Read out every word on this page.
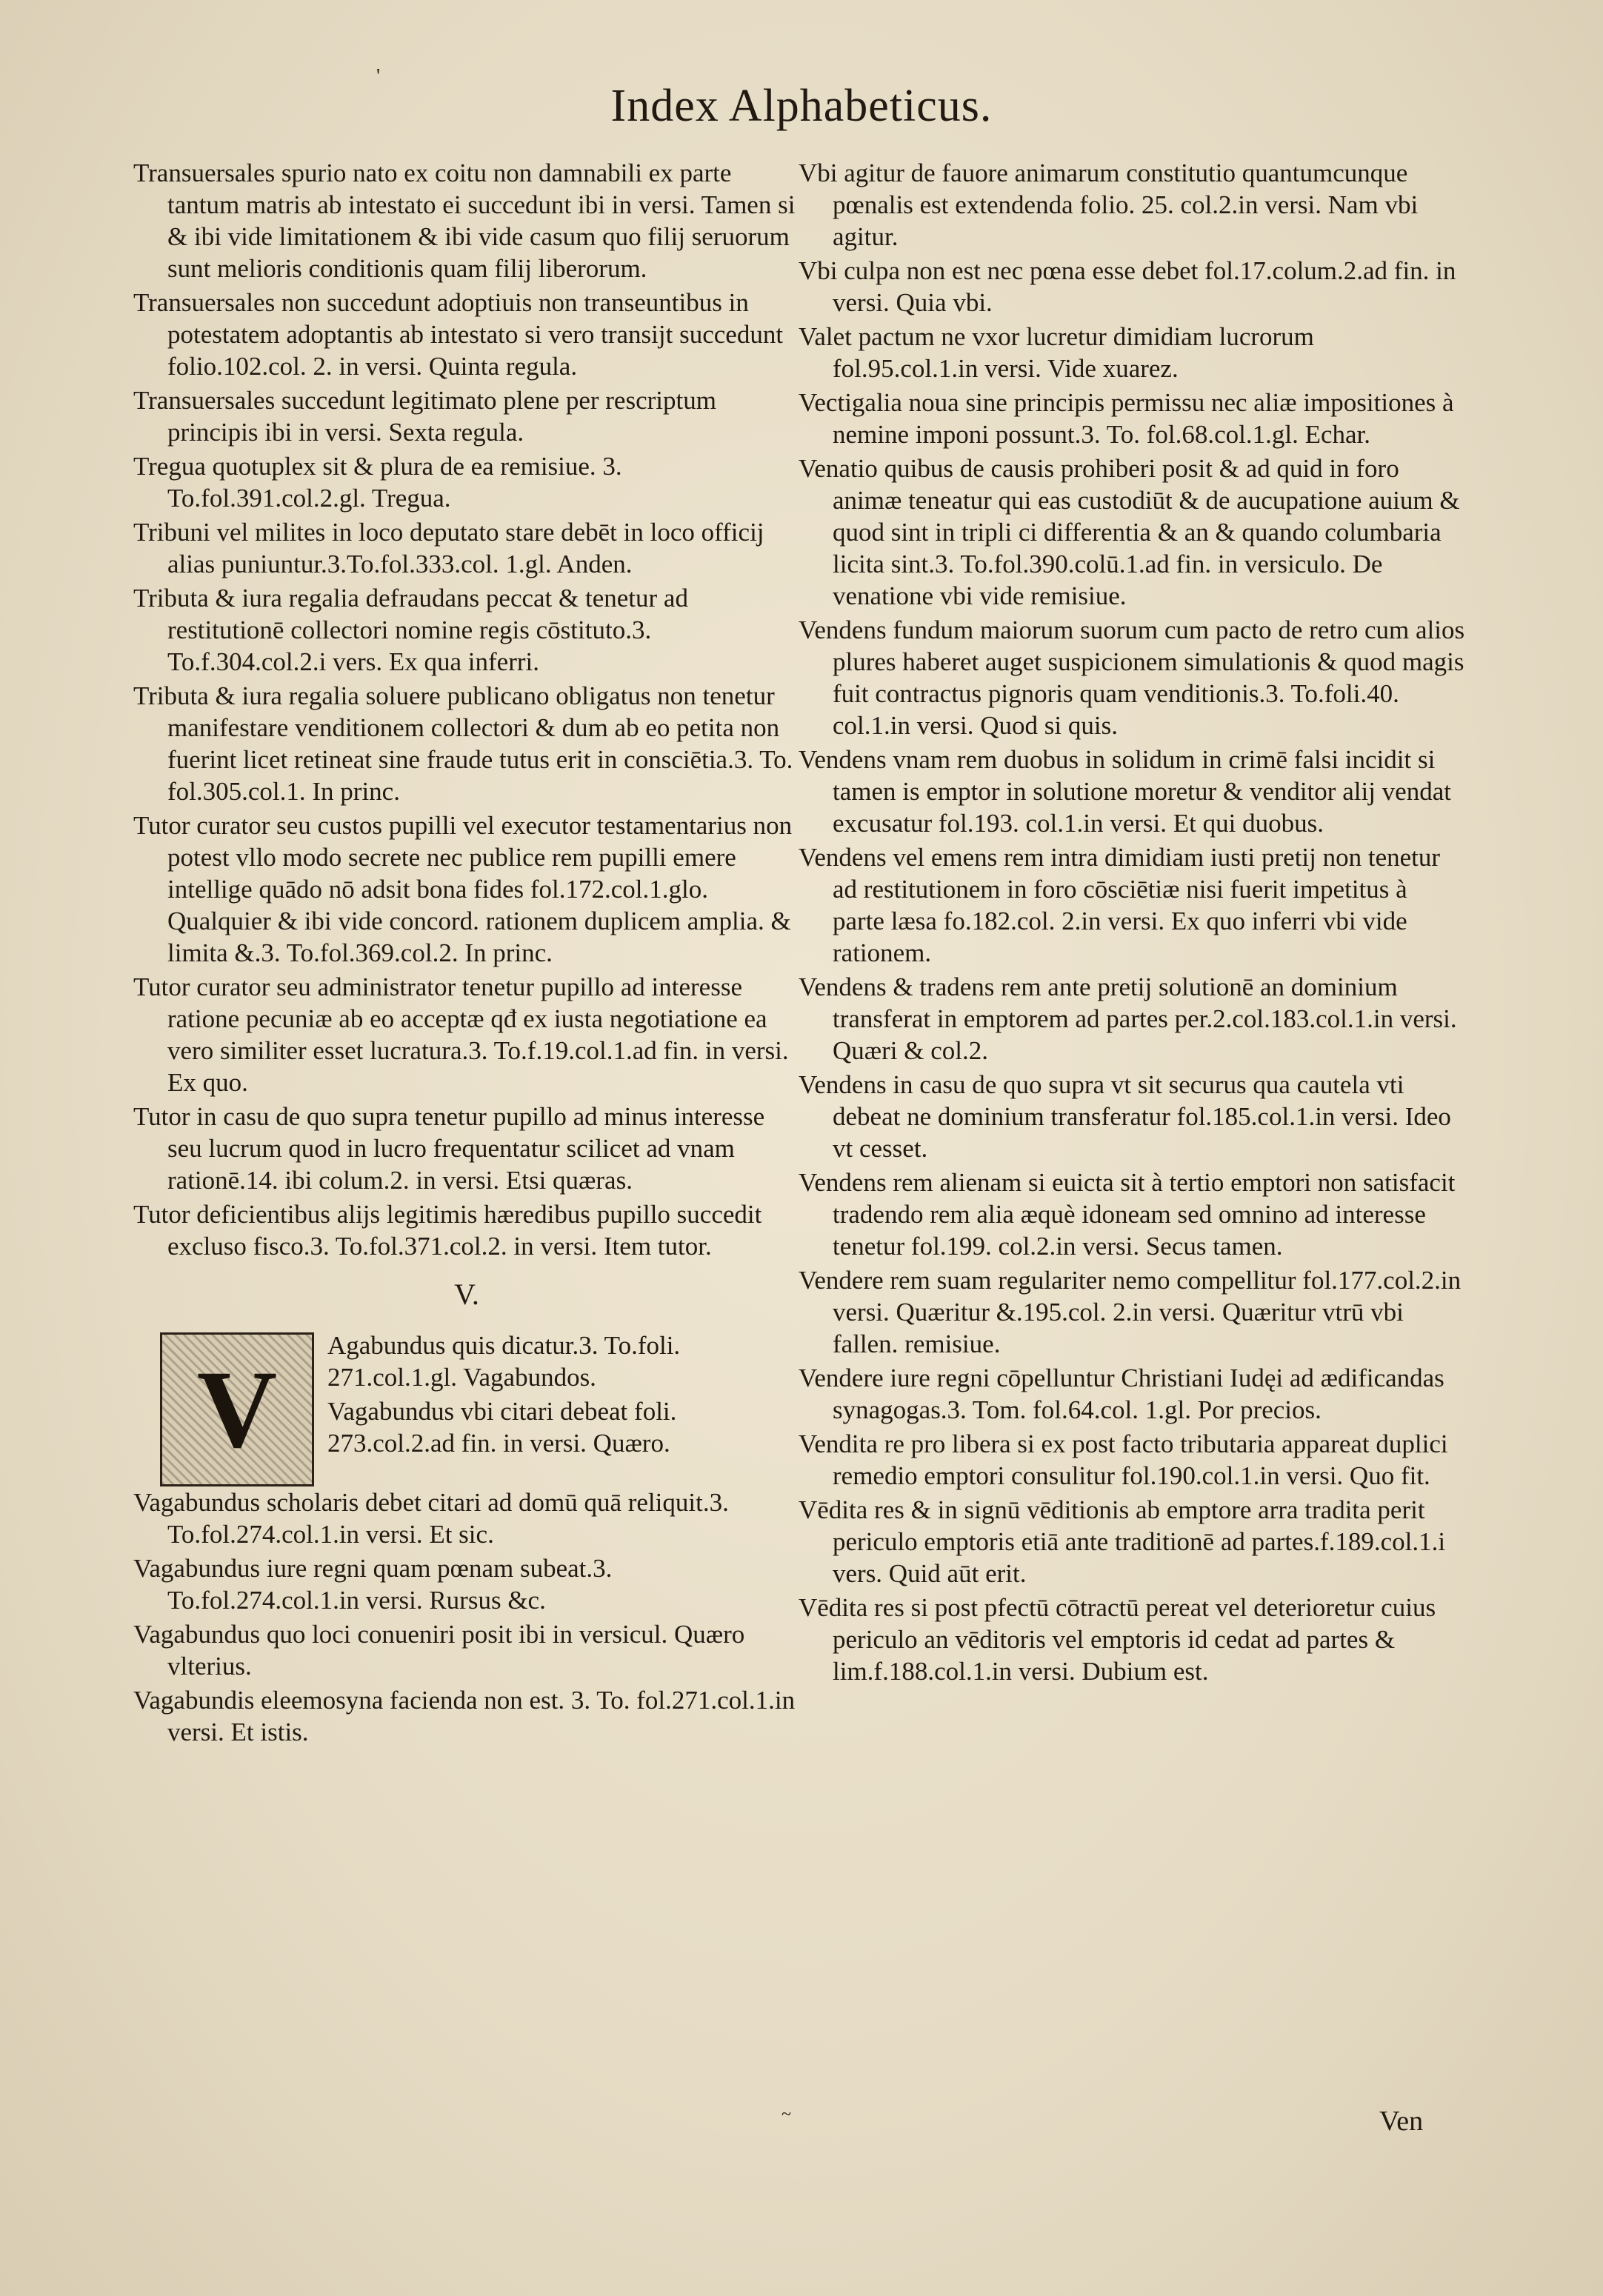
'
Index Alphabeticus.

Transuersales spurio nato ex coitu non damnabili ex parte tantum matris ab intestato ei succedunt ibi in versi. Tamen si & ibi vide limitationem & ibi vide casum quo filij seruorum sunt melioris conditionis quam filij liberorum.

Transuersales non succedunt adoptiuis non transeuntibus in potestatem adoptantis ab intestato si vero transijt succedunt folio.102.col. 2. in versi. Quinta regula.

Transuersales succedunt legitimato plene per rescriptum principis ibi in versi. Sexta regula.

Tregua quotuplex sit & plura de ea remisiue. 3. To.fol.391.col.2.gl. Tregua.

Tribuni vel milites in loco deputato stare debēt in loco officij alias puniuntur.3.To.fol.333.col. 1.gl. Anden.

Tributa & iura regalia defraudans peccat & tenetur ad restitutionē collectori nomine regis cōstituto.3. To.f.304.col.2.i vers. Ex qua inferri.

Tributa & iura regalia soluere publicano obligatus non tenetur manifestare venditionem collectori & dum ab eo petita non fuerint licet retineat sine fraude tutus erit in consciētia.3. To. fol.305.col.1. In princ.

Tutor curator seu custos pupilli vel executor testamentarius non potest vllo modo secrete nec publice rem pupilli emere intellige quādo nō adsit bona fides fol.172.col.1.glo. Qualquier & ibi vide concord. rationem duplicem amplia. & limita &.3. To.fol.369.col.2. In princ.

Tutor curator seu administrator tenetur pupillo ad interesse ratione pecuniæ ab eo acceptæ qđ ex iusta negotiatione ea vero similiter esset lucratura.3. To.f.19.col.1.ad fin. in versi. Ex quo.

Tutor in casu de quo supra tenetur pupillo ad minus interesse seu lucrum quod in lucro frequentatur scilicet ad vnam rationē.14. ibi colum.2. in versi. Etsi quæras.

Tutor deficientibus alijs legitimis hæredibus pupillo succedit excluso fisco.3. To.fol.371.col.2. in versi. Item tutor.

V.
V

Agabundus quis dicatur.3. To.foli. 271.col.1.gl. Vagabundos.

Vagabundus vbi citari debeat foli. 273.col.2.ad fin. in versi. Quæro.

Vagabundus scholaris debet citari ad domū quā reliquit.3. To.fol.274.col.1.in versi. Et sic.

Vagabundus iure regni quam pœnam subeat.3. To.fol.274.col.1.in versi. Rursus &c.

Vagabundus quo loci conueniri posit ibi in versicul. Quæro vlterius.

Vagabundis eleemosyna facienda non est. 3. To. fol.271.col.1.in versi. Et istis.

Vbi agitur de fauore animarum constitutio quantumcunque pœnalis est extendenda folio. 25. col.2.in versi. Nam vbi agitur.

Vbi culpa non est nec pœna esse debet fol.17.colum.2.ad fin. in versi. Quia vbi.

Valet pactum ne vxor lucretur dimidiam lucrorum fol.95.col.1.in versi. Vide xuarez.

Vectigalia noua sine principis permissu nec aliæ impositiones à nemine imponi possunt.3. To. fol.68.col.1.gl. Echar.

Venatio quibus de causis prohiberi posit & ad quid in foro animæ teneatur qui eas custodiūt & de aucupatione auium & quod sint in tripli ci differentia & an & quando columbaria licita sint.3. To.fol.390.colū.1.ad fin. in versiculo. De venatione vbi vide remisiue.

Vendens fundum maiorum suorum cum pacto de retro cum alios plures haberet auget suspicionem simulationis & quod magis fuit contractus pignoris quam venditionis.3. To.foli.40. col.1.in versi. Quod si quis.

Vendens vnam rem duobus in solidum in crimē falsi incidit si tamen is emptor in solutione moretur & venditor alij vendat excusatur fol.193. col.1.in versi. Et qui duobus.

Vendens vel emens rem intra dimidiam iusti pretij non tenetur ad restitutionem in foro cōsciētiæ nisi fuerit impetitus à parte læsa fo.182.col. 2.in versi. Ex quo inferri vbi vide rationem.

Vendens & tradens rem ante pretij solutionē an dominium transferat in emptorem ad partes per.2.col.183.col.1.in versi. Quæri & col.2.

Vendens in casu de quo supra vt sit securus qua cautela vti debeat ne dominium transferatur fol.185.col.1.in versi. Ideo vt cesset.

Vendens rem alienam si euicta sit à tertio emptori non satisfacit tradendo rem alia æquè idoneam sed omnino ad interesse tenetur fol.199. col.2.in versi. Secus tamen.

Vendere rem suam regulariter nemo compellitur fol.177.col.2.in versi. Quæritur &.195.col. 2.in versi. Quæritur vtrū vbi fallen. remisiue.

Vendere iure regni cōpelluntur Christiani Iudęi ad ædificandas synagogas.3. Tom. fol.64.col. 1.gl. Por precios.

Vendita re pro libera si ex post facto tributaria appareat duplici remedio emptori consulitur fol.190.col.1.in versi. Quo fit.

Vēdita res & in signū vēditionis ab emptore arra tradita perit periculo emptoris etiā ante traditionē ad partes.f.189.col.1.i vers. Quid aūt erit.

Vēdita res si post pfectū cōtractū pereat vel deterioretur cuius periculo an vēditoris vel emptoris id cedat ad partes & lim.f.188.col.1.in versi. Dubium est.

~	Ven
